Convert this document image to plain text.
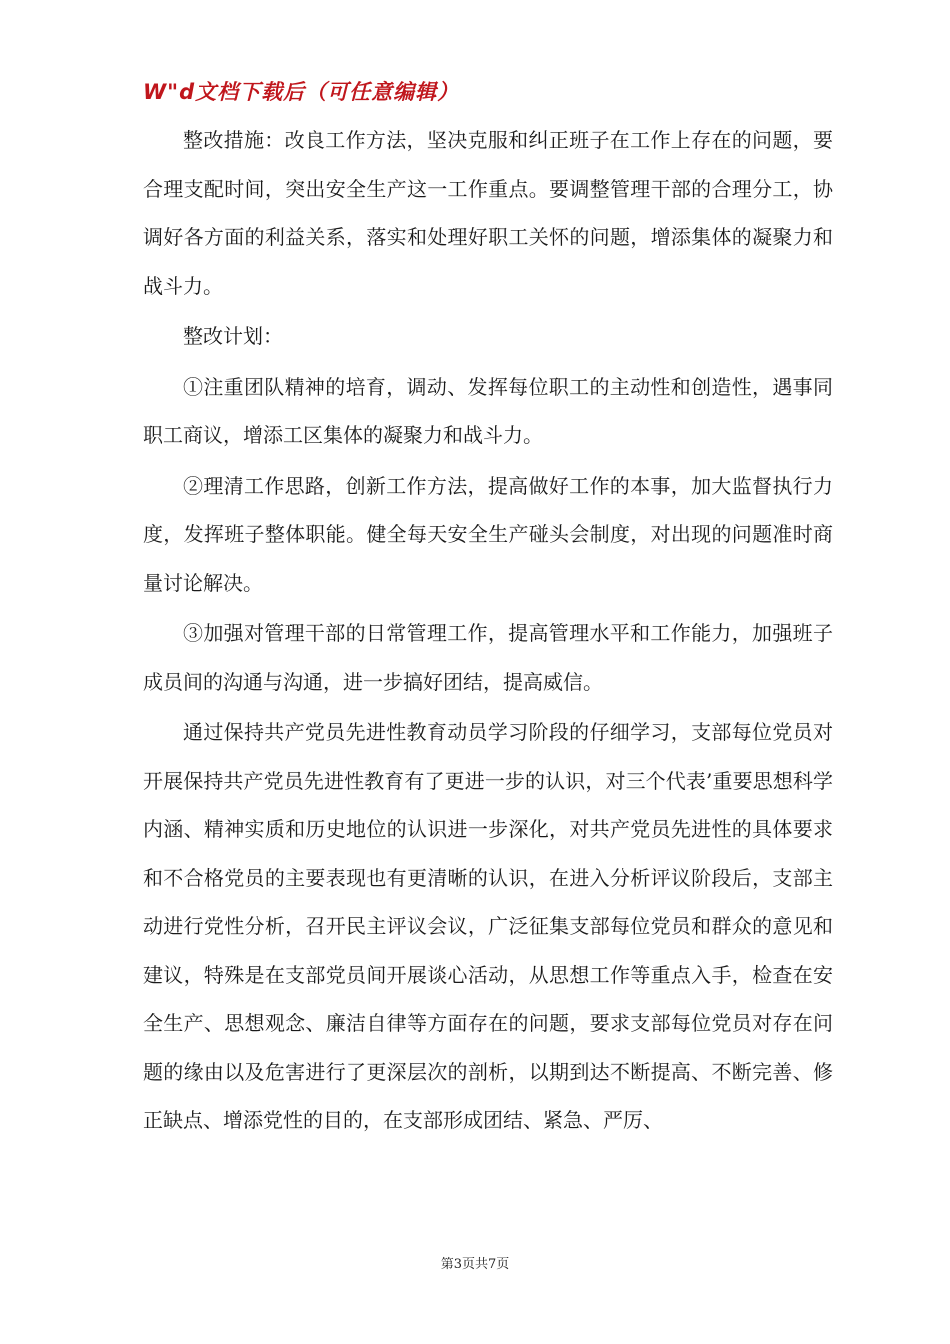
W"d文档下载后（可任意编辑）

整改措施：改良工作方法，坚决克服和纠正班子在工作上存在的问题，要合理支配时间，突出安全生产这一工作重点。要调整管理干部的合理分工，协调好各方面的利益关系，落实和处理好职工关怀的问题，增添集体的凝聚力和战斗力。

整改计划：

①注重团队精神的培育，调动、发挥每位职工的主动性和创造性，遇事同职工商议，增添工区集体的凝聚力和战斗力。

②理清工作思路，创新工作方法，提高做好工作的本事，加大监督执行力度，发挥班子整体职能。健全每天安全生产碰头会制度，对出现的问题准时商量讨论解决。

③加强对管理干部的日常管理工作，提高管理水平和工作能力，加强班子成员间的沟通与沟通，进一步搞好团结，提高威信。

通过保持共产党员先进性教育动员学习阶段的仔细学习，支部每位党员对开展保持共产党员先进性教育有了更进一步的认识，对三个代表’重要思想科学内涵、精神实质和历史地位的认识进一步深化，对共产党员先进性的具体要求和不合格党员的主要表现也有更清晰的认识，在进入分析评议阶段后，支部主动进行党性分析，召开民主评议会议，广泛征集支部每位党员和群众的意见和建议，特殊是在支部党员间开展谈心活动，从思想工作等重点入手，检查在安全生产、思想观念、廉洁自律等方面存在的问题，要求支部每位党员对存在问题的缘由以及危害进行了更深层次的剖析，以期到达不断提高、不断完善、修正缺点、增添党性的目的，在支部形成团结、紧急、严厉、

第3页共7页
